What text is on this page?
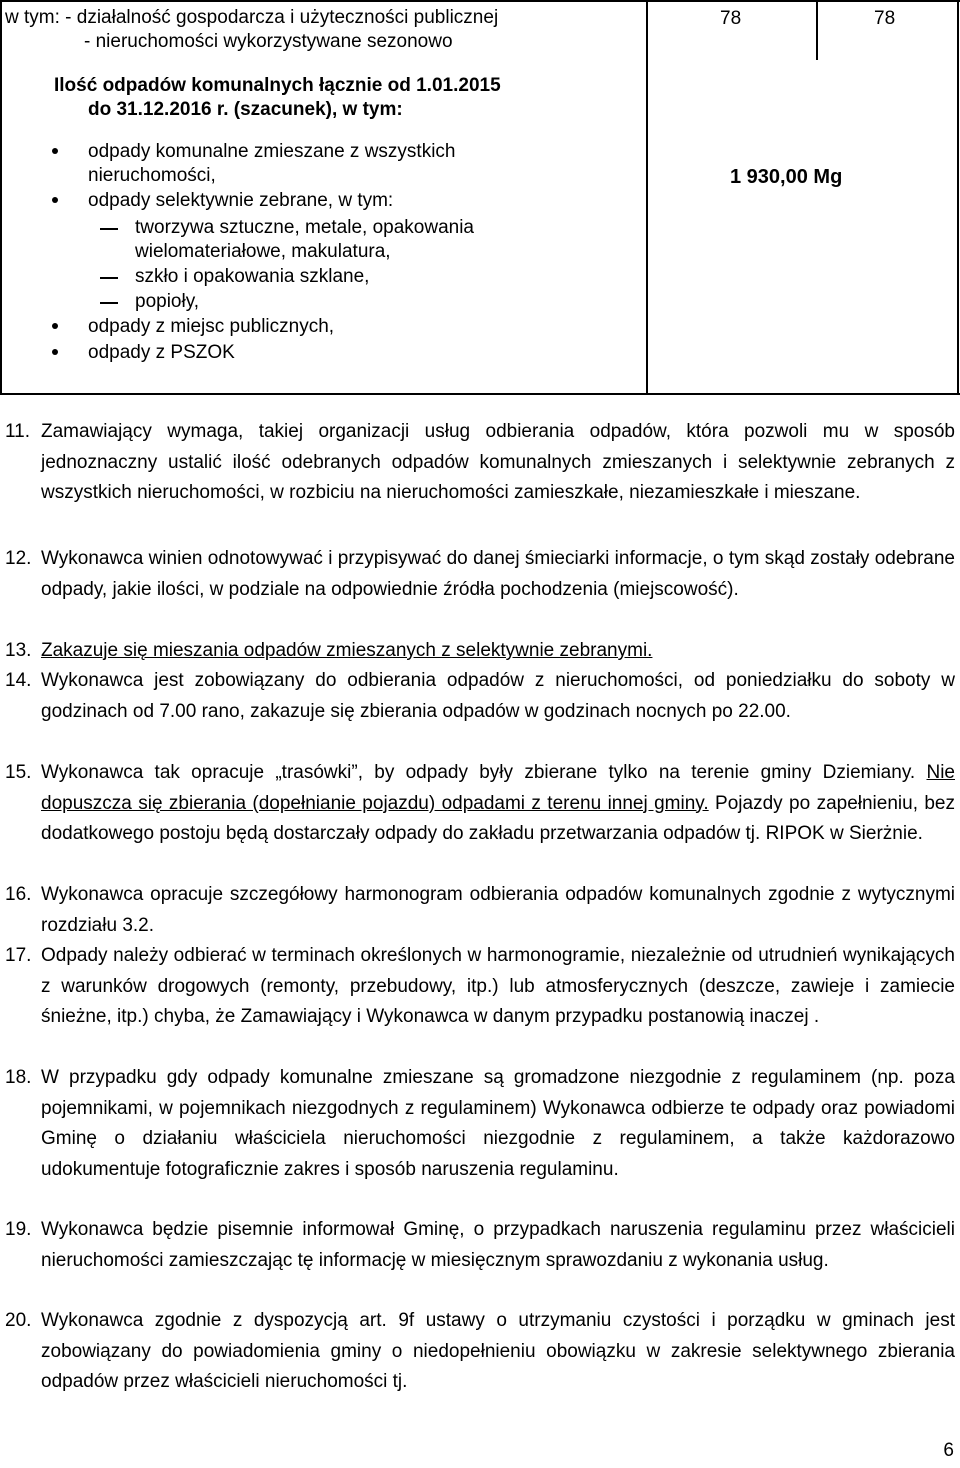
w tym: - działalność gospodarcza i użyteczności publicznej
- nieruchomości wykorzystywane sezonowo
78	78
Ilość odpadów komunalnych łącznie od 1.01.2015
do 31.12.2016 r. (szacunek), w tym:
odpady komunalne zmieszane z wszystkich
nieruchomości,
odpady selektywnie zebrane, w tym:
tworzywa sztuczne, metale, opakowania
wielomateriałowe, makulatura,
szkło i opakowania szklane,
popioły,
odpady z miejsc publicznych,
odpady z PSZOK
1 930,00 Mg
11. Zamawiający wymaga, takiej organizacji usług odbierania odpadów, która pozwoli mu w sposób jednoznaczny ustalić ilość odebranych odpadów komunalnych zmieszanych i selektywnie zebranych z wszystkich nieruchomości, w rozbiciu na nieruchomości zamieszkałe, niezamieszkałe i mieszane.
12. Wykonawca winien odnotowywać i przypisywać do danej śmieciarki informacje, o tym skąd zostały odebrane odpady, jakie ilości, w podziale na odpowiednie źródła pochodzenia (miejscowość).
13. Zakazuje się mieszania odpadów zmieszanych z selektywnie zebranymi.
14. Wykonawca jest zobowiązany do odbierania odpadów z nieruchomości, od poniedziałku do soboty w godzinach od 7.00 rano, zakazuje się zbierania odpadów w godzinach nocnych po 22.00.
15. Wykonawca tak opracuje „trasówki”, by odpady były zbierane tylko na terenie gminy Dziemiany. Nie dopuszcza się zbierania (dopełnianie pojazdu) odpadami z terenu innej gminy. Pojazdy po zapełnieniu, bez dodatkowego postoju będą dostarczały odpady do zakładu przetwarzania odpadów tj. RIPOK w Sierżnie.
16. Wykonawca opracuje szczegółowy harmonogram odbierania odpadów komunalnych zgodnie z wytycznymi rozdziału 3.2.
17. Odpady należy odbierać w terminach określonych w harmonogramie, niezależnie od utrudnień wynikających z warunków drogowych (remonty, przebudowy, itp.) lub atmosferycznych (deszcze, zawieje i zamiecie śnieżne, itp.) chyba, że Zamawiający i Wykonawca w danym przypadku postanowią inaczej .
18. W przypadku gdy odpady komunalne zmieszane są gromadzone niezgodnie z regulaminem (np. poza pojemnikami, w pojemnikach niezgodnych z regulaminem) Wykonawca odbierze te odpady oraz powiadomi Gminę o działaniu właściciela nieruchomości niezgodnie z regulaminem, a także każdorazowo udokumentuje fotograficznie zakres i sposób naruszenia regulaminu.
19. Wykonawca będzie pisemnie informował Gminę, o przypadkach naruszenia regulaminu przez właścicieli nieruchomości zamieszczając tę informację w miesięcznym sprawozdaniu z wykonania usług.
20. Wykonawca zgodnie z dyspozycją art. 9f ustawy o utrzymaniu czystości i porządku w gminach jest zobowiązany do powiadomienia gminy o niedopełnieniu obowiązku w zakresie selektywnego zbierania odpadów przez właścicieli nieruchomości tj.
6
